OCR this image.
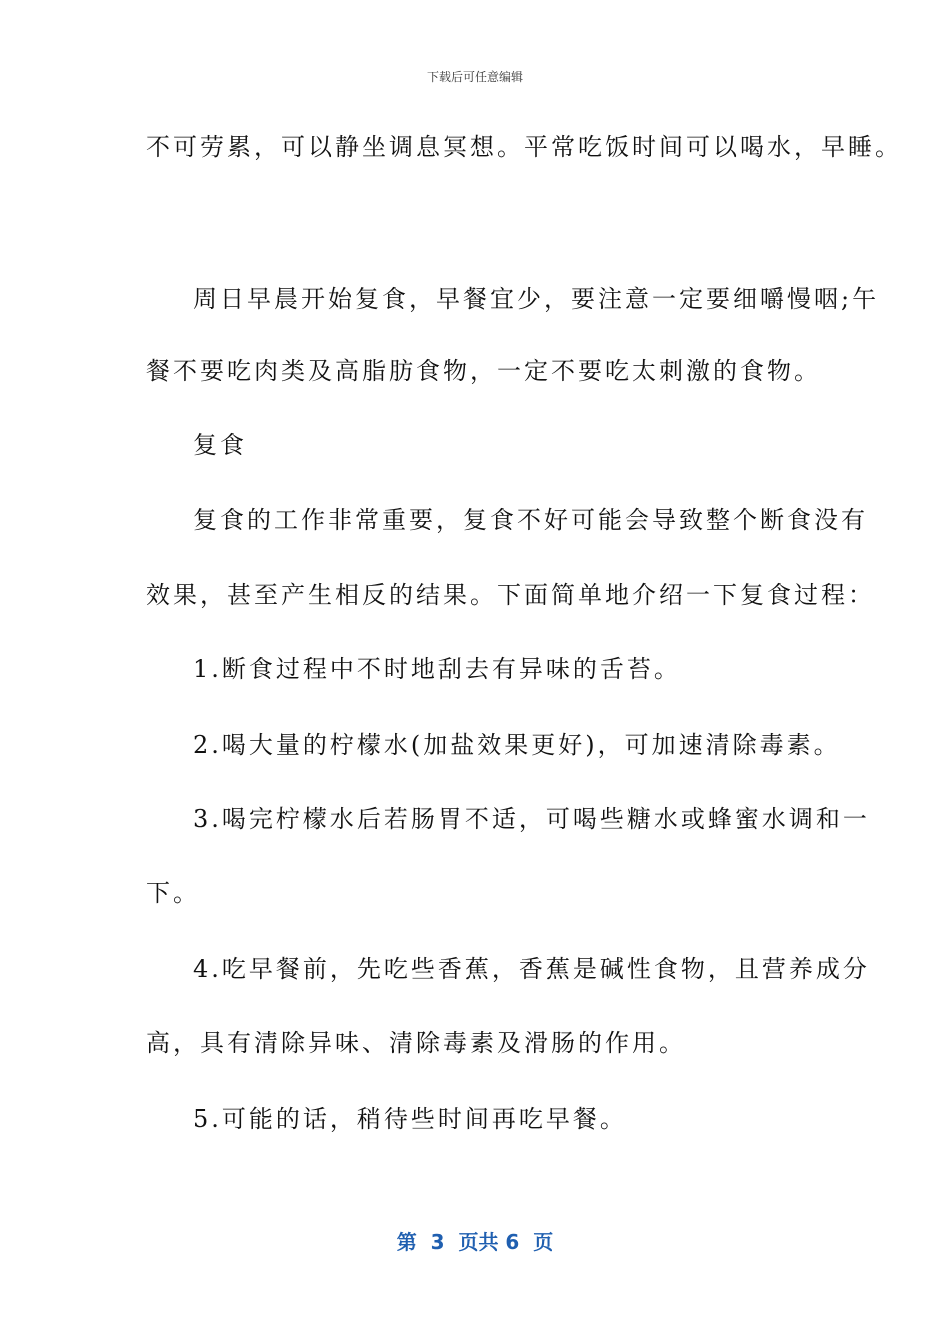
下载后可任意编辑
不可劳累，可以静坐调息冥想。平常吃饭时间可以喝水，早睡。
周日早晨开始复食，早餐宜少，要注意一定要细嚼慢咽;午
餐不要吃肉类及高脂肪食物，一定不要吃太刺激的食物。
复食
复食的工作非常重要，复食不好可能会导致整个断食没有
效果，甚至产生相反的结果。下面简单地介绍一下复食过程：
1.断食过程中不时地刮去有异味的舌苔。
2.喝大量的柠檬水(加盐效果更好)，可加速清除毒素。
3.喝完柠檬水后若肠胃不适，可喝些糖水或蜂蜜水调和一
下。
4.吃早餐前，先吃些香蕉，香蕉是碱性食物，且营养成分
高，具有清除异味、清除毒素及滑肠的作用。
5.可能的话，稍待些时间再吃早餐。
第  3  页共 6  页
